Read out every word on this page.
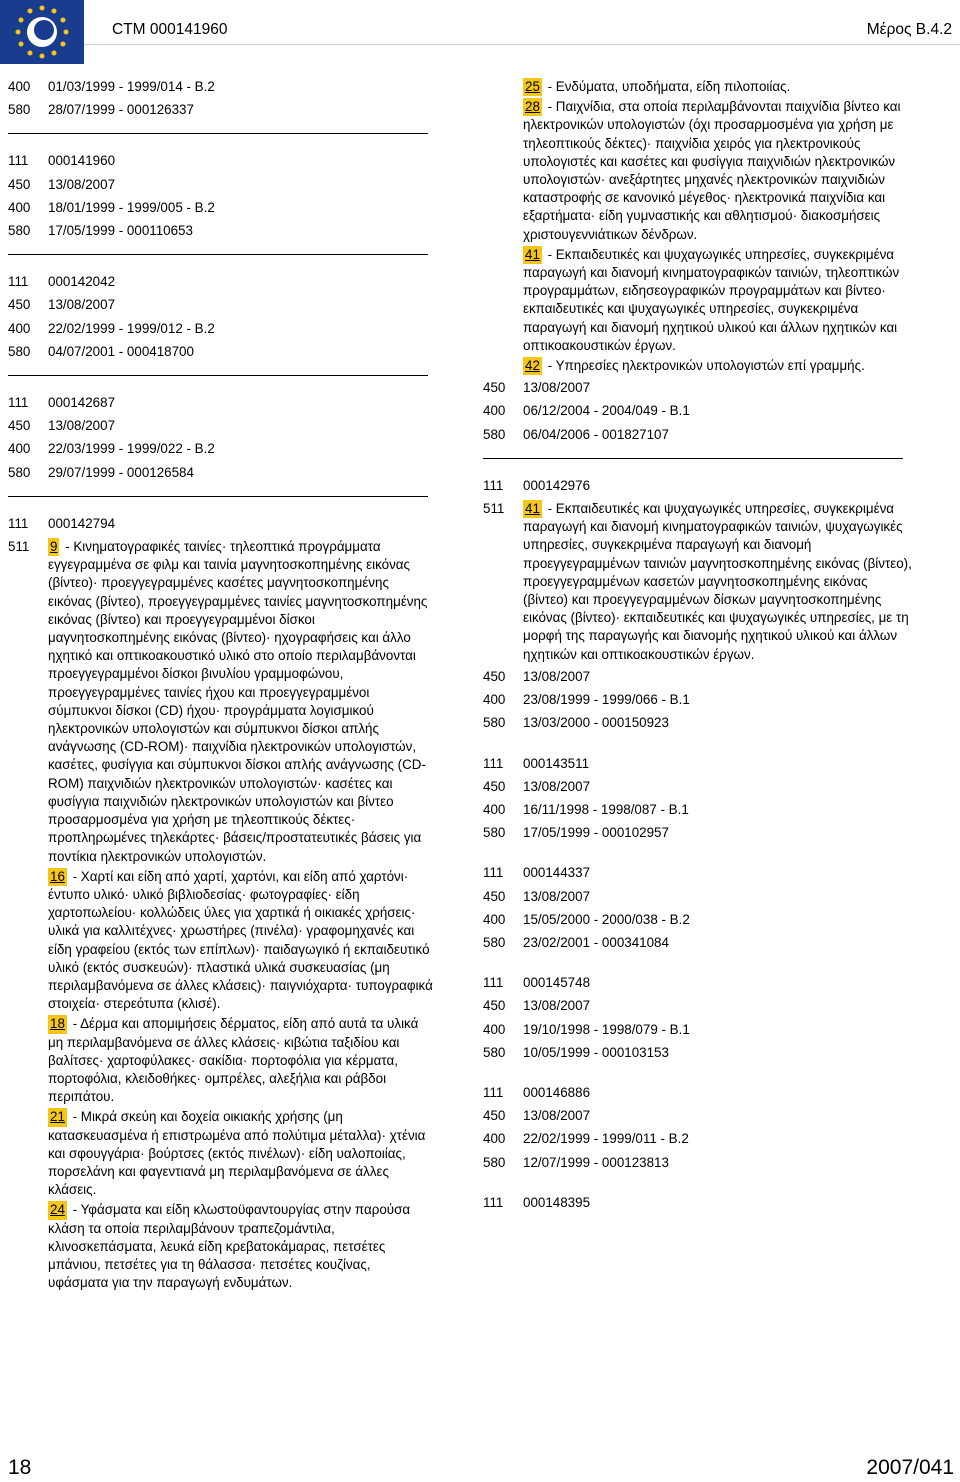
CTM 000141960	Μέρος Β.4.2
400	01/03/1999 - 1999/014 - B.2
580	28/07/1999 - 000126337
111	000141960
450	13/08/2007
400	18/01/1999 - 1999/005 - B.2
580	17/05/1999 - 000110653
111	000142042
450	13/08/2007
400	22/02/1999 - 1999/012 - B.2
580	04/07/2001 - 000418700
111	000142687
450	13/08/2007
400	22/03/1999 - 1999/022 - B.2
580	29/07/1999 - 000126584
111	000142794
511	9 - Κινηματογραφικές ταινίες· τηλεοπτικά προγράμματα εγγεγραμμένα σε φιλμ και ταινία μαγνητοσκοπημένης εικόνας (βίντεο)· προεγγεγραμμένες κασέτες μαγνητοσκοπημένης εικόνας (βίντεο), προεγγεγραμμένες ταινίες μαγνητοσκοπημένης εικόνας (βίντεο) και προεγγεγραμμένοι δίσκοι μαγνητοσκοπημένης εικόνας (βίντεο)· ηχογραφήσεις και άλλο ηχητικό και οπτικοακουστικό υλικό στο οποίο περιλαμβάνονται προεγγεγραμμένοι δίσκοι βινυλίου γραμμοφώνου, προεγγεγραμμένες ταινίες ήχου και προεγγεγραμμένοι σύμπυκνοι δίσκοι (CD) ήχου· προγράμματα λογισμικού ηλεκτρονικών υπολογιστών και σύμπυκνοι δίσκοι απλής ανάγνωσης (CD-ROM)· παιχνίδια ηλεκτρονικών υπολογιστών, κασέτες, φυσίγγια και σύμπυκνοι δίσκοι απλής ανάγνωσης (CD-ROM) παιχνιδιών ηλεκτρονικών υπολογιστών· κασέτες και φυσίγγια παιχνιδιών ηλεκτρονικών υπολογιστών και βίντεο προσαρμοσμένα για χρήση με τηλεοπτικούς δέκτες· προπληρωμένες τηλεκάρτες· βάσεις/προστατευτικές βάσεις για ποντίκια ηλεκτρονικών υπολογιστών.
16 - Χαρτί και είδη από χαρτί, χαρτόνι, και είδη από χαρτόνι· έντυπο υλικό· υλικό βιβλιοδεσίας· φωτογραφίες· είδη χαρτοπωλείου· κολλώδεις ύλες για χαρτικά ή οικιακές χρήσεις· υλικά για καλλιτέχνες· χρωστήρες (πινέλα)· γραφομηχανές και είδη γραφείου (εκτός των επίπλων)· παιδαγωγικό ή εκπαιδευτικό υλικό (εκτός συσκευών)· πλαστικά υλικά συσκευασίας (μη περιλαμβανόμενα σε άλλες κλάσεις)· παιγνιόχαρτα· τυπογραφικά στοιχεία· στερεότυπα (κλισέ).
18 - Δέρμα και απομιμήσεις δέρματος, είδη από αυτά τα υλικά μη περιλαμβανόμενα σε άλλες κλάσεις· κιβώτια ταξιδίου και βαλίτσες· χαρτοφύλακες· σακίδια· πορτοφόλια για κέρματα, πορτοφόλια, κλειδοθήκες· ομπρέλες, αλεξήλια και ράβδοι περιπάτου.
21 - Μικρά σκεύη και δοχεία οικιακής χρήσης (μη κατασκευασμένα ή επιστρωμένα από πολύτιμα μέταλλα)· χτένια και σφουγγάρια· βούρτσες (εκτός πινέλων)· είδη υαλοποιίας, πορσελάνη και φαγεντιανά μη περιλαμβανόμενα σε άλλες κλάσεις.
24 - Υφάσματα και είδη κλωστοϋφαντουργίας στην παρούσα κλάση τα οποία περιλαμβάνουν τραπεζομάντιλα, κλινοσκεπάσματα, λευκά είδη κρεβατοκάμαρας, πετσέτες μπάνιου, πετσέτες για τη θάλασσα· πετσέτες κουζίνας, υφάσματα για την παραγωγή ενδυμάτων.
25 - Ενδύματα, υποδήματα, είδη πιλοποιίας.
28 - Παιχνίδια, στα οποία περιλαμβάνονται παιχνίδια βίντεο και ηλεκτρονικών υπολογιστών (όχι προσαρμοσμένα για χρήση με τηλεοπτικούς δέκτες)· παιχνίδια χειρός για ηλεκτρονικούς υπολογιστές και κασέτες και φυσίγγια παιχνιδιών ηλεκτρονικών υπολογιστών· ανεξάρτητες μηχανές ηλεκτρονικών παιχνιδιών καταστροφής σε κανονικό μέγεθος· ηλεκτρονικά παιχνίδια και εξαρτήματα· είδη γυμναστικής και αθλητισμού· διακοσμήσεις χριστουγεννιάτικων δένδρων.
41 - Εκπαιδευτικές και ψυχαγωγικές υπηρεσίες, συγκεκριμένα παραγωγή και διανομή κινηματογραφικών ταινιών, τηλεοπτικών προγραμμάτων, ειδησεογραφικών προγραμμάτων και βίντεο· εκπαιδευτικές και ψυχαγωγικές υπηρεσίες, συγκεκριμένα παραγωγή και διανομή ηχητικού υλικού και άλλων ηχητικών και οπτικοακουστικών έργων.
42 - Υπηρεσίες ηλεκτρονικών υπολογιστών επί γραμμής.
450	13/08/2007
400	06/12/2004 - 2004/049 - B.1
580	06/04/2006 - 001827107
111	000142976
511	41 - Εκπαιδευτικές και ψυχαγωγικές υπηρεσίες, συγκεκριμένα παραγωγή και διανομή κινηματογραφικών ταινιών, ψυχαγωγικές υπηρεσίες, συγκεκριμένα παραγωγή και διανομή προεγγεγραμμένων ταινιών μαγνητοσκοπημένης εικόνας (βίντεο), προεγγεγραμμένων κασετών μαγνητοσκοπημένης εικόνας (βίντεο) και προεγγεγραμμένων δίσκων μαγνητοσκοπημένης εικόνας (βίντεο)· εκπαιδευτικές και ψυχαγωγικές υπηρεσίες, με τη μορφή της παραγωγής και διανομής ηχητικού υλικού και άλλων ηχητικών και οπτικοακουστικών έργων.
450	13/08/2007
400	23/08/1999 - 1999/066 - B.1
580	13/03/2000 - 000150923
111	000143511
450	13/08/2007
400	16/11/1998 - 1998/087 - B.1
580	17/05/1999 - 000102957
111	000144337
450	13/08/2007
400	15/05/2000 - 2000/038 - B.2
580	23/02/2001 - 000341084
111	000145748
450	13/08/2007
400	19/10/1998 - 1998/079 - B.1
580	10/05/1999 - 000103153
111	000146886
450	13/08/2007
400	22/02/1999 - 1999/011 - B.2
580	12/07/1999 - 000123813
111	000148395
18	2007/041
